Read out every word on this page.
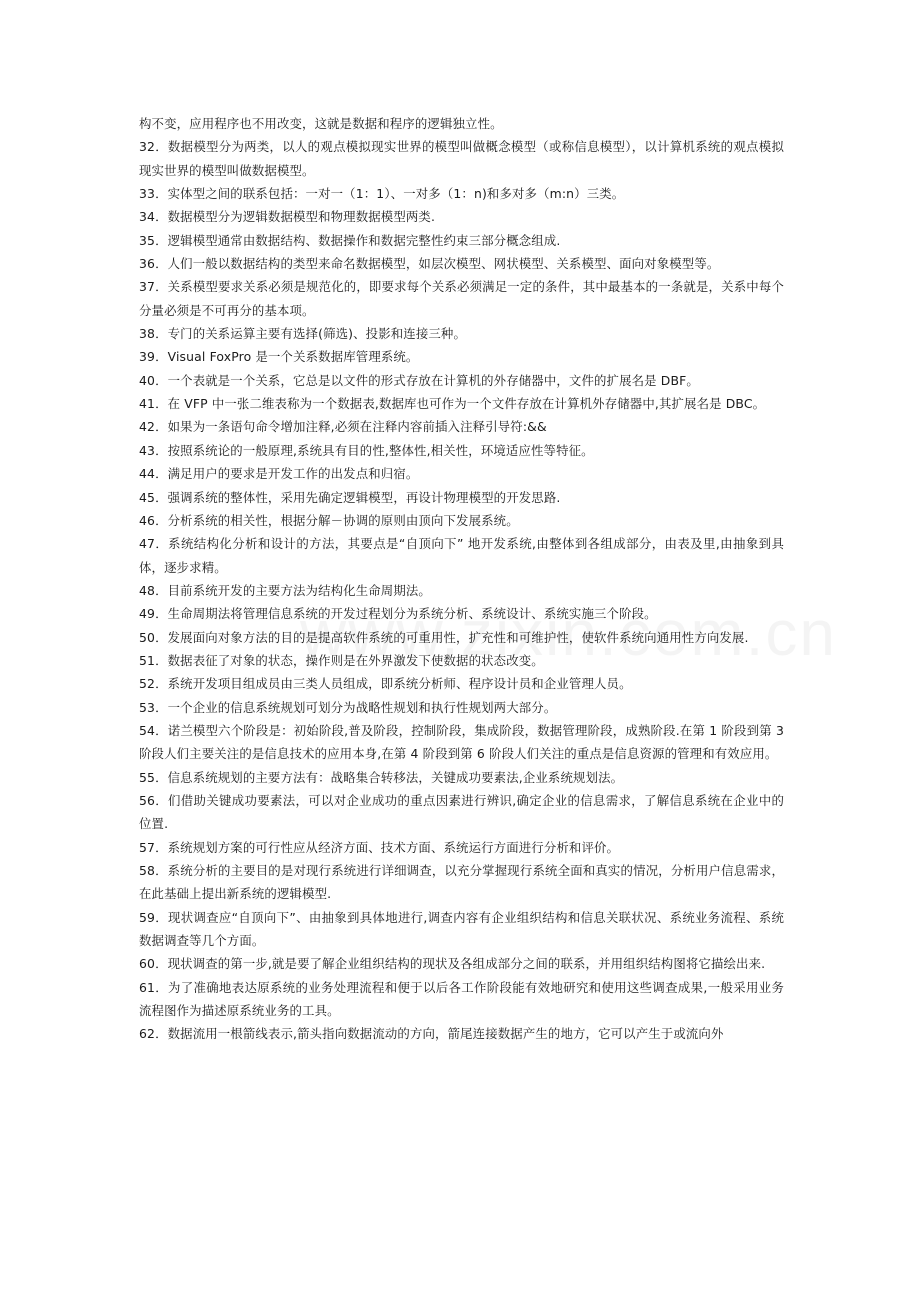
构不变，应用程序也不用改变，这就是数据和程序的逻辑独立性。

32．数据模型分为两类，以人的观点模拟现实世界的模型叫做概念模型（或称信息模型），以计算机系统的观点模拟现实世界的模型叫做数据模型。

33．实体型之间的联系包括：一对一（1：1）、一对多（1：n)和多对多（m:n）三类。

34．数据模型分为逻辑数据模型和物理数据模型两类.

35．逻辑模型通常由数据结构、数据操作和数据完整性约束三部分概念组成.

36．人们一般以数据结构的类型来命名数据模型，如层次模型、网状模型、关系模型、面向对象模型等。

37．关系模型要求关系必须是规范化的，即要求每个关系必须满足一定的条件，其中最基本的一条就是，关系中每个分量必须是不可再分的基本项。

38．专门的关系运算主要有选择(筛选)、投影和连接三种。

39．Visual FoxPro 是一个关系数据库管理系统。

40．一个表就是一个关系，它总是以文件的形式存放在计算机的外存储器中，文件的扩展名是 DBF。

41．在 VFP 中一张二维表称为一个数据表,数据库也可作为一个文件存放在计算机外存储器中,其扩展名是 DBC。

42．如果为一条语句命令增加注释,必须在注释内容前插入注释引导符:&&

43．按照系统论的一般原理,系统具有目的性,整体性,相关性，环境适应性等特征。

44．满足用户的要求是开发工作的出发点和归宿。

45．强调系统的整体性，采用先确定逻辑模型，再设计物理模型的开发思路.

46．分析系统的相关性，根据分解－协调的原则由顶向下发展系统。

47．系统结构化分析和设计的方法，其要点是“自顶向下” 地开发系统,由整体到各组成部分，由表及里,由抽象到具体，逐步求精。

48．目前系统开发的主要方法为结构化生命周期法。

49．生命周期法将管理信息系统的开发过程划分为系统分析、系统设计、系统实施三个阶段。

50．发展面向对象方法的目的是提高软件系统的可重用性，扩充性和可维护性，使软件系统向通用性方向发展.

51．数据表征了对象的状态，操作则是在外界激发下使数据的状态改变。

52．系统开发项目组成员由三类人员组成，即系统分析师、程序设计员和企业管理人员。

53．一个企业的信息系统规划可划分为战略性规划和执行性规划两大部分。

54．诺兰模型六个阶段是：初始阶段,普及阶段，控制阶段，集成阶段，数据管理阶段，成熟阶段.在第 1 阶段到第 3 阶段人们主要关注的是信息技术的应用本身,在第 4 阶段到第 6 阶段人们关注的重点是信息资源的管理和有效应用。

55．信息系统规划的主要方法有：战略集合转移法，关键成功要素法,企业系统规划法。

56．们借助关键成功要素法，可以对企业成功的重点因素进行辨识,确定企业的信息需求，了解信息系统在企业中的位置.

57．系统规划方案的可行性应从经济方面、技术方面、系统运行方面进行分析和评价。

58．系统分析的主要目的是对现行系统进行详细调查，以充分掌握现行系统全面和真实的情况，分析用户信息需求，在此基础上提出新系统的逻辑模型.

59．现状调查应“自顶向下”、由抽象到具体地进行,调查内容有企业组织结构和信息关联状况、系统业务流程、系统数据调查等几个方面。

60．现状调查的第一步,就是要了解企业组织结构的现状及各组成部分之间的联系，并用组织结构图将它描绘出来.

61．为了准确地表达原系统的业务处理流程和便于以后各工作阶段能有效地研究和使用这些调查成果,一般采用业务流程图作为描述原系统业务的工具。

62．数据流用一根箭线表示,箭头指向数据流动的方向，箭尾连接数据产生的地方，它可以产生于或流向外
